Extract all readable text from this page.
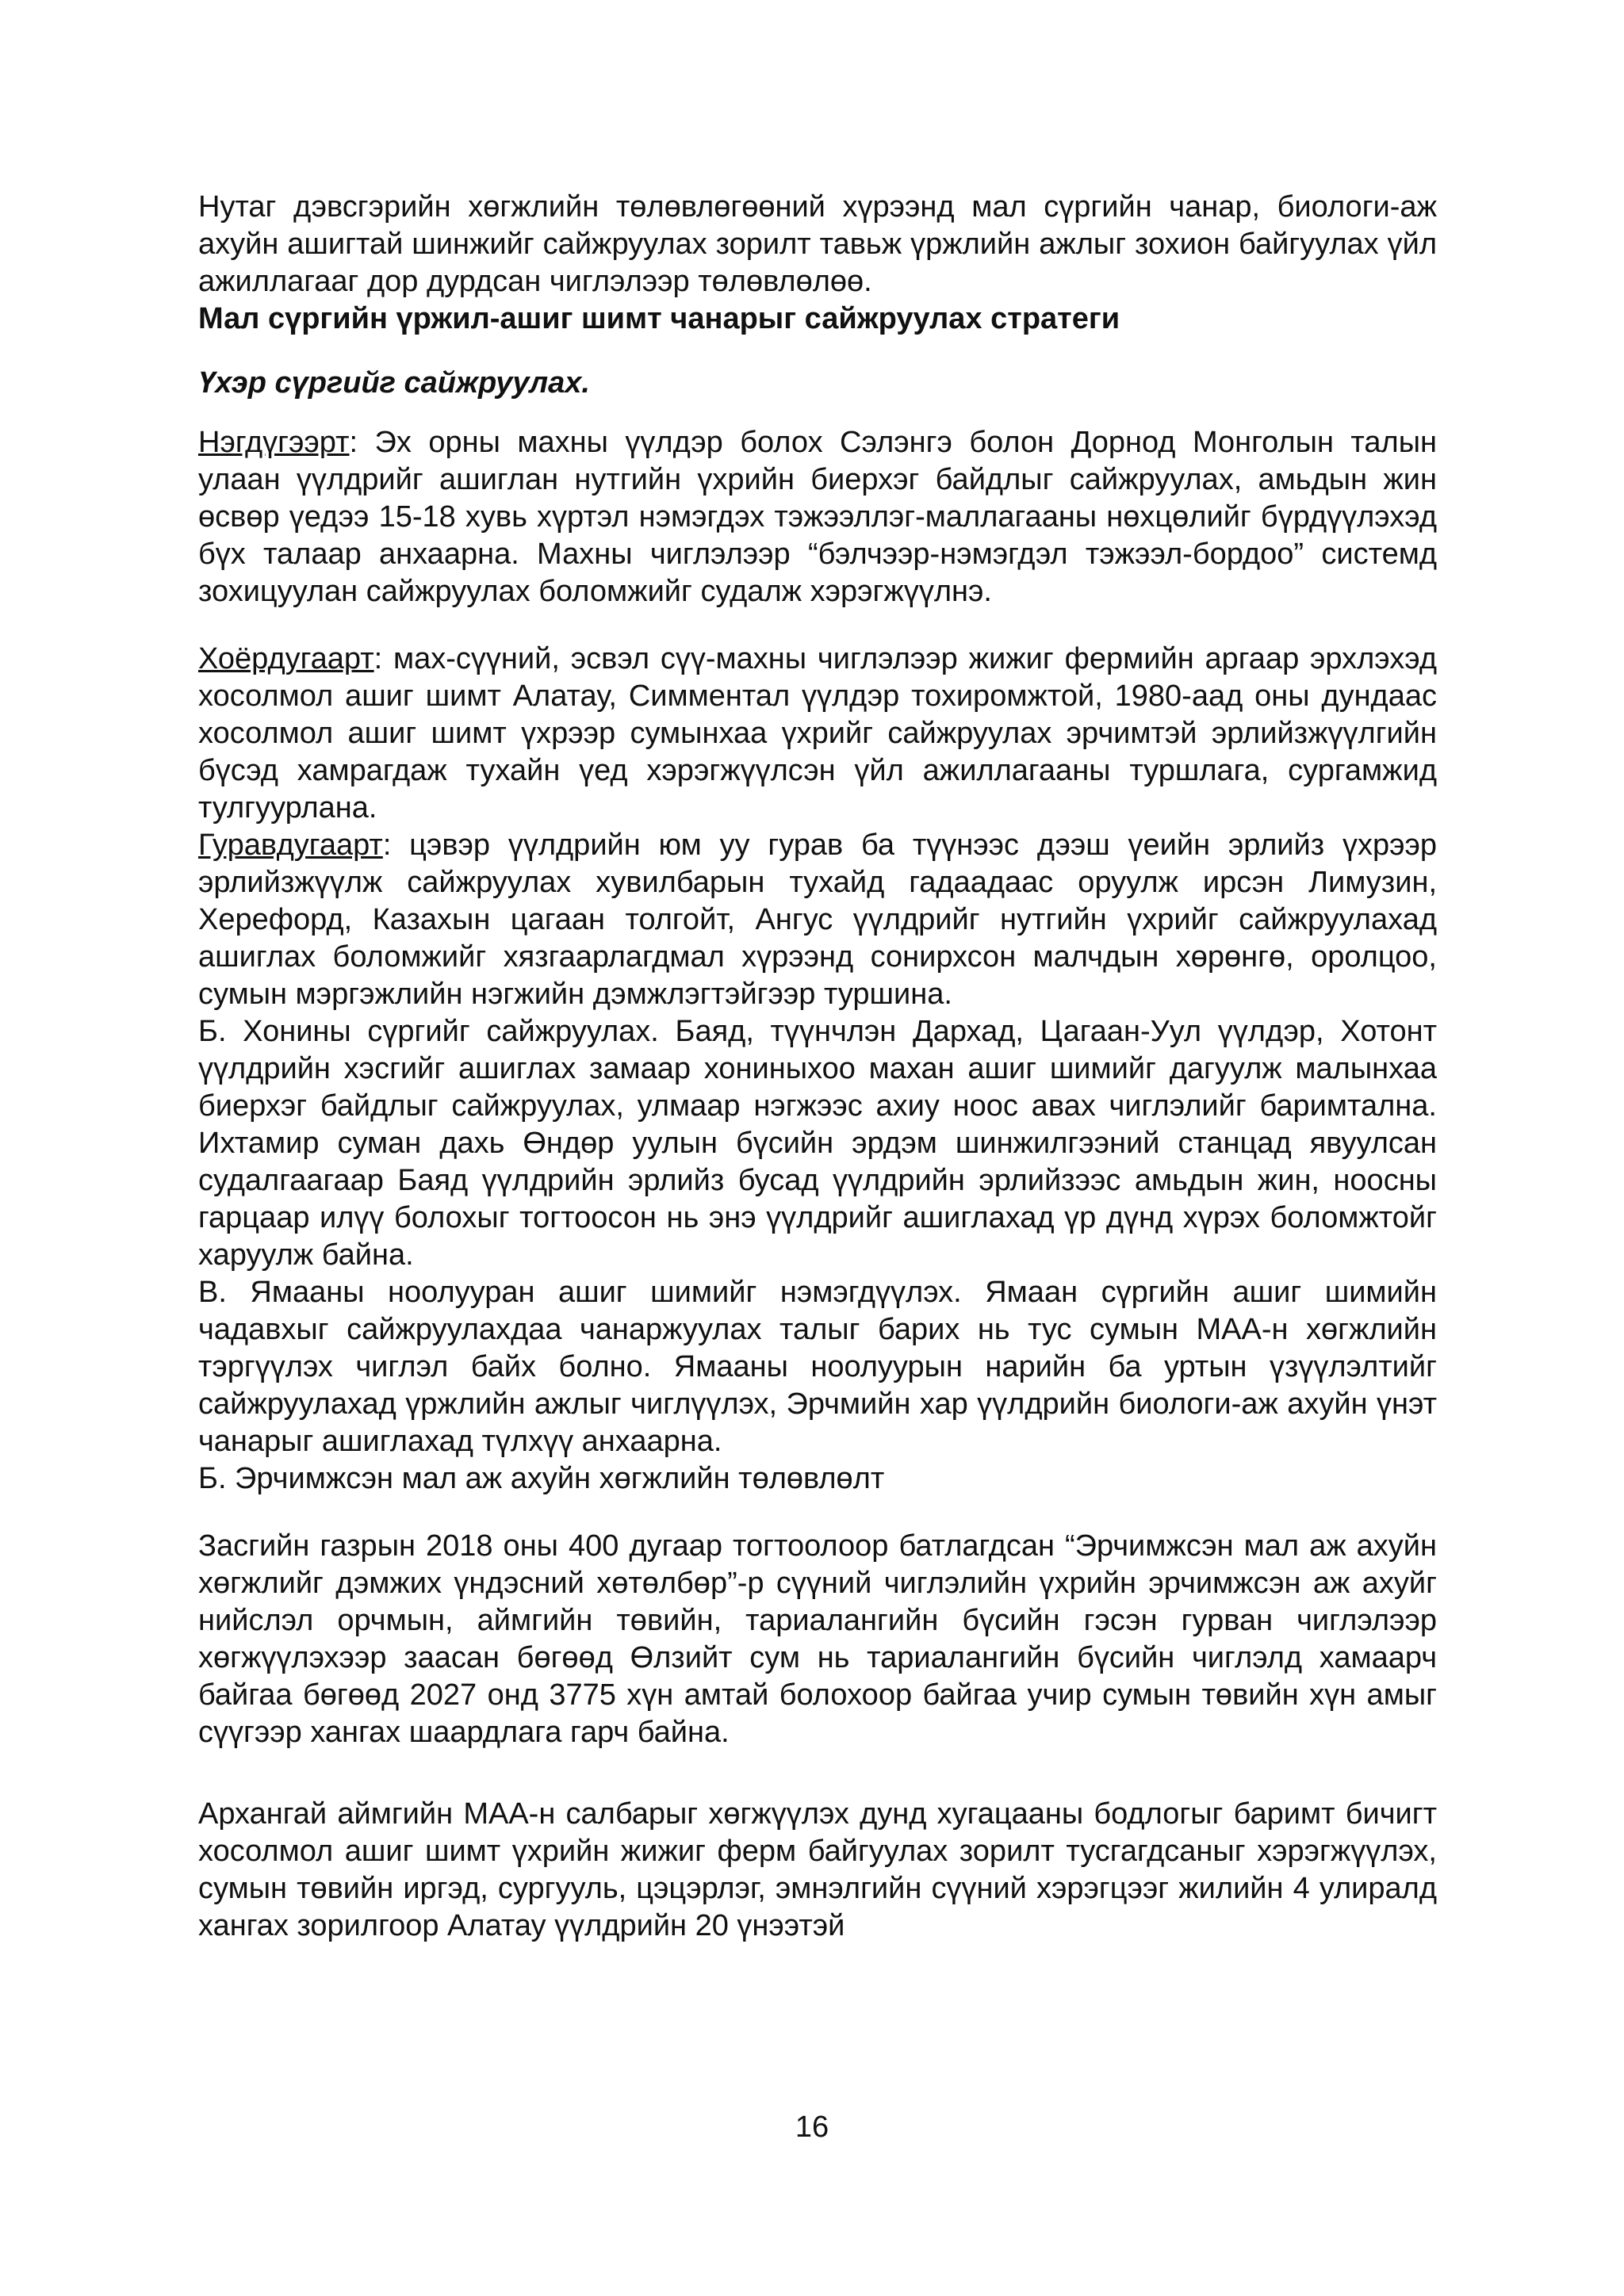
Нутаг дэвсгэрийн хөгжлийн төлөвлөгөөний хүрээнд мал сүргийн чанар, биологи-аж ахуйн ашигтай шинжийг сайжруулах зорилт тавьж үржлийн ажлыг зохион байгуулах үйл ажиллагааг дор дурдсан чиглэлээр төлөвлөлөө.

Мал сүргийн үржил-ашиг шимт чанарыг сайжруулах стратеги

Үхэр сүргийг сайжруулах.

Нэгдүгээрт: Эх орны махны үүлдэр болох Сэлэнгэ болон Дорнод Монголын талын улаан үүлдрийг ашиглан нутгийн үхрийн биерхэг байдлыг сайжруулах, амьдын жин өсвөр үедээ 15-18 хувь хүртэл нэмэгдэх тэжээллэг-маллагааны нөхцөлийг бүрдүүлэхэд бүх талаар анхаарна. Махны чиглэлээр “бэлчээр-нэмэгдэл тэжээл-бордоо” системд зохицуулан сайжруулах боломжийг судалж хэрэгжүүлнэ.

Хоёрдугаарт: мах-сүүний, эсвэл сүү-махны чиглэлээр жижиг фермийн аргаар эрхлэхэд хосолмол ашиг шимт Алатау, Симментал үүлдэр тохиромжтой, 1980-аад оны дундаас хосолмол ашиг шимт үхрээр сумынхаа үхрийг сайжруулах эрчимтэй эрлийзжүүлгийн бүсэд хамрагдаж тухайн үед хэрэгжүүлсэн үйл ажиллагааны туршлага, сургамжид тулгуурлана.

Гуравдугаарт: цэвэр үүлдрийн юм уу гурав ба түүнээс дээш үеийн эрлийз үхрээр эрлийзжүүлж сайжруулах хувилбарын тухайд гадаадаас оруулж ирсэн Лимузин, Херефорд, Казахын цагаан толгойт, Ангус үүлдрийг нутгийн үхрийг сайжруулахад ашиглах боломжийг хязгаарлагдмал хүрээнд сонирхсон малчдын хөрөнгө, оролцоо, сумын мэргэжлийн нэгжийн дэмжлэгтэйгээр туршина.

Б. Хонины сүргийг сайжруулах. Баяд, түүнчлэн Дархад, Цагаан-Уул үүлдэр, Хотонт үүлдрийн хэсгийг ашиглах замаар хониныхоо махан ашиг шимийг дагуулж малынхаа биерхэг байдлыг сайжруулах, улмаар нэгжээс ахиу ноос авах чиглэлийг баримтална. Ихтамир суман дахь Өндөр уулын бүсийн эрдэм шинжилгээний станцад явуулсан судалгаагаар Баяд үүлдрийн эрлийз бусад үүлдрийн эрлийзээс амьдын жин, ноосны гарцаар илүү болохыг тогтоосон нь энэ үүлдрийг ашиглахад үр дүнд хүрэх боломжтойг харуулж байна.

В. Ямааны ноолууран ашиг шимийг нэмэгдүүлэх. Ямаан сүргийн ашиг шимийн чадавхыг сайжруулахдаа чанаржуулах талыг барих нь тус сумын МАА-н хөгжлийн тэргүүлэх чиглэл байх болно. Ямааны ноолуурын нарийн ба уртын үзүүлэлтийг сайжруулахад үржлийн ажлыг чиглүүлэх, Эрчмийн хар үүлдрийн биологи-аж ахуйн үнэт чанарыг ашиглахад түлхүү анхаарна.

Б. Эрчимжсэн мал аж ахуйн хөгжлийн төлөвлөлт

Засгийн газрын 2018 оны 400 дугаар тогтоолоор батлагдсан “Эрчимжсэн мал аж ахуйн хөгжлийг дэмжих үндэсний хөтөлбөр”-р сүүний чиглэлийн үхрийн эрчимжсэн аж ахуйг нийслэл орчмын, аймгийн төвийн, тариалангийн бүсийн гэсэн гурван чиглэлээр хөгжүүлэхээр заасан бөгөөд Өлзийт сум нь тариалангийн бүсийн чиглэлд хамаарч байгаа бөгөөд 2027 онд 3775 хүн амтай болохоор байгаа учир сумын төвийн хүн амыг сүүгээр хангах шаардлага гарч байна.

Архангай аймгийн МАА-н салбарыг хөгжүүлэх дунд хугацааны бодлогыг баримт бичигт хосолмол ашиг шимт үхрийн жижиг ферм байгуулах зорилт тусгагдсаныг хэрэгжүүлэх, сумын төвийн иргэд, сургууль, цэцэрлэг, эмнэлгийн сүүний хэрэгцээг жилийн 4 улиралд хангах зорилгоор Алатау үүлдрийн 20 үнээтэй

16
